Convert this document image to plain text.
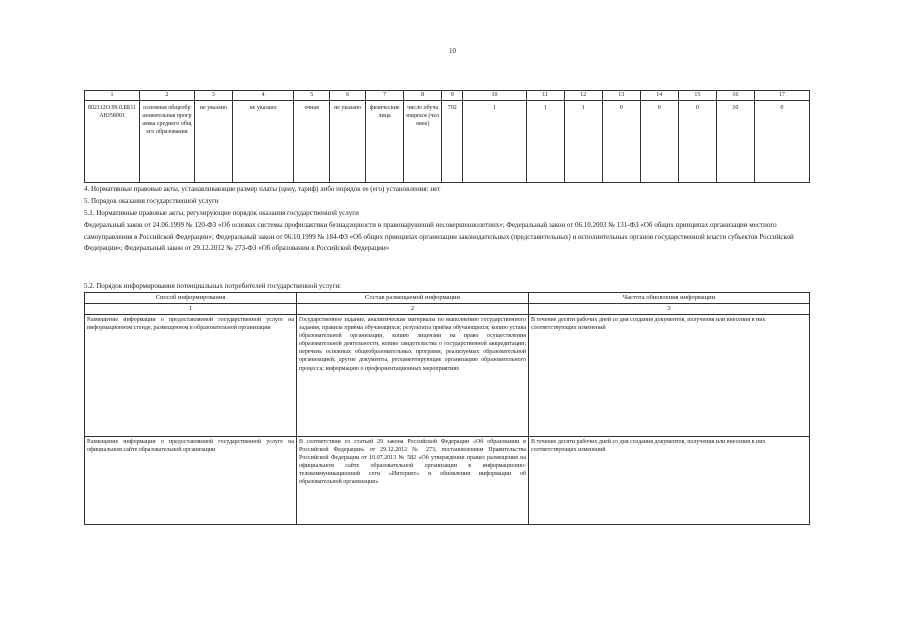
10
1	2	3	4	5	6	7	8	9	10	11	12	13	14	15	16	17
802112О.99.0.ББ11АЮ58001	основная общеобразовательная программа среднего общего образования	не указано	не указано	очная	не указано	физические лица	число обучающихся (человек)	792	1	1	1	0	0	0	10	0
4. Нормативные правовые акты, устанавливающие размер платы (цену, тариф) либо порядок ее (его) установления: нет
5. Порядок оказания государственной услуги
5.1. Нормативные правовые акты, регулирующие порядок оказания государственной услуги
Федеральный закон от 24.06.1999 № 120-ФЗ «Об основах системы профилактики безнадзорности и правонарушений несовершеннолетних»; Федеральный закон от 06.10.2003 № 131-ФЗ «Об общих принципах организации местного самоуправления в Российской Федерации»; Федеральный закон от 06.10.1999 № 184-ФЗ «Об общих принципах организации законодательных (представительных) и исполнительных органов государственной власти субъектов Российской Федерации»; Федеральный закон от 29.12.2012 № 273-ФЗ «Об образовании в Российской Федерации»
5.2. Порядок информирования потенциальных потребителей государственной услуги:
Способ информирования	Состав размещаемой информации	Частота обновления информации
1	2	3
Размещение информации о предоставляемой государственной услуге на информационном стенде, размещенном в образовательной организации	Государственное задание, аналитические материалы по выполнению государственного задания, правила приёма обучающихся; результаты приёма обучающихся; копию устава образовательной организации, копию лицензии на право осуществления образовательной деятельности, копию свидетельства о государственной аккредитации; перечень основных общеобразовательных программ, реализуемых образовательной организацией; другие документы, регламентирующие организацию образовательного процесса; информацию о профориентационных мероприятиях	В течение десяти рабочих дней со дня создания документов, получения или внесения в них соответствующих изменений
Размещение информации о предоставляемой государственной услуге на официальном сайте образовательной организации	В соответствии со статьей 29 закона Российской Федерации «Об образовании в Российской Федерации» от 29.12.2012 № 273, постановлением Правительства Российской Федерации от 10.07.2013 № 582 «Об утверждении правил размещения на официальном сайте образовательной организации в информационно-телекоммуникационной сети «Интернет» и обновления информации об образовательной организации»	В течение десяти рабочих дней со дня создания документов, получения или внесения в них соответствующих изменений
